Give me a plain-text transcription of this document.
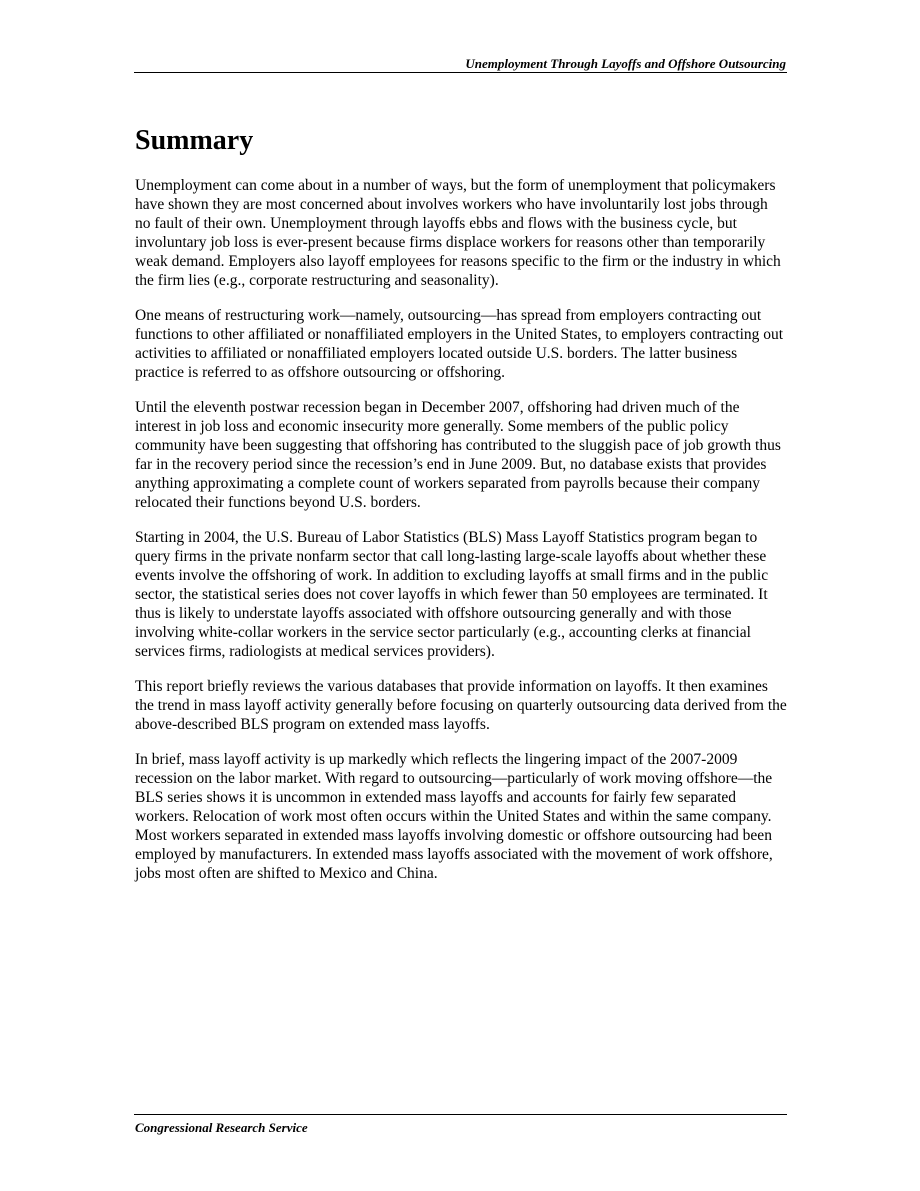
Unemployment Through Layoffs and Offshore Outsourcing
Summary

Unemployment can come about in a number of ways, but the form of unemployment that policymakers have shown they are most concerned about involves workers who have involuntarily lost jobs through no fault of their own. Unemployment through layoffs ebbs and flows with the business cycle, but involuntary job loss is ever-present because firms displace workers for reasons other than temporarily weak demand. Employers also layoff employees for reasons specific to the firm or the industry in which the firm lies (e.g., corporate restructuring and seasonality).

One means of restructuring work—namely, outsourcing—has spread from employers contracting out functions to other affiliated or nonaffiliated employers in the United States, to employers contracting out activities to affiliated or nonaffiliated employers located outside U.S. borders. The latter business practice is referred to as offshore outsourcing or offshoring.

Until the eleventh postwar recession began in December 2007, offshoring had driven much of the interest in job loss and economic insecurity more generally. Some members of the public policy community have been suggesting that offshoring has contributed to the sluggish pace of job growth thus far in the recovery period since the recession’s end in June 2009. But, no database exists that provides anything approximating a complete count of workers separated from payrolls because their company relocated their functions beyond U.S. borders.

Starting in 2004, the U.S. Bureau of Labor Statistics (BLS) Mass Layoff Statistics program began to query firms in the private nonfarm sector that call long-lasting large-scale layoffs about whether these events involve the offshoring of work. In addition to excluding layoffs at small firms and in the public sector, the statistical series does not cover layoffs in which fewer than 50 employees are terminated. It thus is likely to understate layoffs associated with offshore outsourcing generally and with those involving white-collar workers in the service sector particularly (e.g., accounting clerks at financial services firms, radiologists at medical services providers).

This report briefly reviews the various databases that provide information on layoffs. It then examines the trend in mass layoff activity generally before focusing on quarterly outsourcing data derived from the above-described BLS program on extended mass layoffs.

In brief, mass layoff activity is up markedly which reflects the lingering impact of the 2007-2009 recession on the labor market. With regard to outsourcing—particularly of work moving offshore—the BLS series shows it is uncommon in extended mass layoffs and accounts for fairly few separated workers. Relocation of work most often occurs within the United States and within the same company. Most workers separated in extended mass layoffs involving domestic or offshore outsourcing had been employed by manufacturers. In extended mass layoffs associated with the movement of work offshore, jobs most often are shifted to Mexico and China.

Congressional Research Service
